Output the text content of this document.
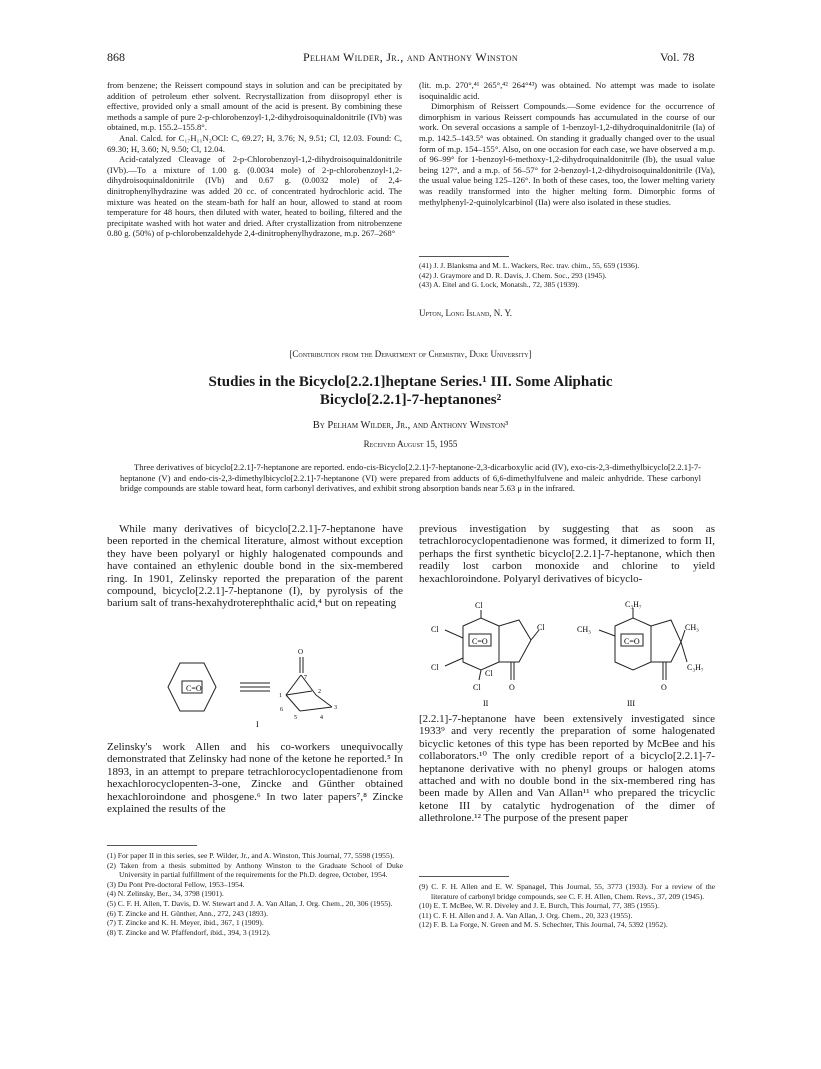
868	Pelham Wilder, Jr., and Anthony Winston	Vol. 78

from benzene; the Reissert compound stays in solution and can be precipitated by addition of petroleum ether solvent. Recrystallization from diisopropyl ether is effective, provided only a small amount of the acid is present. By combining these methods a sample of pure 2-p-chlorobenzoyl-1,2-dihydroisoquinaldonitrile (IVb) was obtained, m.p. 155.2–155.8°.

Anal. Calcd. for C₁₇H₁₁N₂OCl: C, 69.27; H, 3.76; N, 9.51; Cl, 12.03. Found: C, 69.30; H, 3.60; N, 9.50; Cl, 12.04.

Acid-catalyzed Cleavage of 2-p-Chlorobenzoyl-1,2-dihydroisoquinaldonitrile (IVb).—To a mixture of 1.00 g. (0.0034 mole) of 2-p-chlorobenzoyl-1,2-dihydroisoquinaldonitrile (IVb) and 0.67 g. (0.0032 mole) of 2,4-dinitrophenylhydrazine was added 20 cc. of concentrated hydrochloric acid. The mixture was heated on the steam-bath for half an hour, allowed to stand at room temperature for 48 hours, then diluted with water, heated to boiling, filtered and the precipitate washed with hot water and dried. After crystallization from nitrobenzene 0.80 g. (50%) of p-chlorobenzaldehyde 2,4-dinitrophenylhydrazone, m.p. 267–268°

(lit. m.p. 270°,⁴¹ 265°,⁴² 264°⁴³) was obtained. No attempt was made to isolate isoquinaldic acid.

Dimorphism of Reissert Compounds.—Some evidence for the occurrence of dimorphism in various Reissert compounds has accumulated in the course of our work. On several occasions a sample of 1-benzoyl-1,2-dihydroquinaldonitrile (Ia) of m.p. 142.5–143.5° was obtained. On standing it gradually changed over to the usual form of m.p. 154–155°. Also, on one occasion for each case, we have observed a m.p. of 96–99° for 1-benzoyl-6-methoxy-1,2-dihydroquinaldonitrile (Ib), the usual value being 127°, and a m.p. of 56–57° for 2-benzoyl-1,2-dihydroisoquinaldonitrile (IVa), the usual value being 125–126°. In both of these cases, too, the lower melting variety was readily transformed into the higher melting form. Dimorphic forms of methylphenyl-2-quinolylcarbinol (IIa) were also isolated in these studies.

(41) J. J. Blanksma and M. L. Wackers, Rec. trav. chim., 55, 659 (1936).

(42) J. Graymore and D. R. Davis, J. Chem. Soc., 293 (1945).

(43) A. Eitel and G. Lock, Monatsh., 72, 385 (1939).

Upton, Long Island, N. Y.
[Contribution from the Department of Chemistry, Duke University]
Studies in the Bicyclo[2.2.1]heptane Series.¹ III. Some Aliphatic
Bicyclo[2.2.1]-7-heptanones²
By Pelham Wilder, Jr., and Anthony Winston³
Received August 15, 1955

Three derivatives of bicyclo[2.2.1]-7-heptanone are reported. endo-cis-Bicyclo[2.2.1]-7-heptanone-2,3-dicarboxylic acid (IV), exo-cis-2,3-dimethylbicyclo[2.2.1]-7-heptanone (V) and endo-cis-2,3-dimethylbicyclo[2.2.1]-7-heptanone (VI) were prepared from adducts of 6,6-dimethylfulvene and maleic anhydride. These carbonyl bridge compounds are stable toward heat, form carbonyl derivatives, and exhibit strong absorption bands near 5.63 μ in the infrared.

While many derivatives of bicyclo[2.2.1]-7-heptanone have been reported in the chemical literature, almost without exception they have been polyaryl or highly halogenated compounds and have contained an ethylenic double bond in the six-membered ring. In 1901, Zelinsky reported the preparation of the parent compound, bicyclo[2.2.1]-7-heptanone (I), by pyrolysis of the barium salt of trans-hexahydroterephthalic acid,⁴ but on repeating

C=O
O
7
1
2
3
4
5
6
I

Zelinsky's work Allen and his co-workers unequivocally demonstrated that Zelinsky had none of the ketone he reported.⁵ In 1893, in an attempt to prepare tetrachlorocyclopentadienone from hexachlorocyclopenten-3-one, Zincke and Günther obtained hexachloroindone and phosgene.⁶ In two later papers⁷,⁸ Zincke explained the results of the

(1) For paper II in this series, see P. Wilder, Jr., and A. Winston, This Journal, 77, 5598 (1955).

(2) Taken from a thesis submitted by Anthony Winston to the Graduate School of Duke University in partial fulfillment of the requirements for the Ph.D. degree, October, 1954.

(3) Du Pont Pre-doctoral Fellow, 1953–1954.

(4) N. Zelinsky, Ber., 34, 3798 (1901).

(5) C. F. H. Allen, T. Davis, D. W. Stewart and J. A. Van Allan, J. Org. Chem., 20, 306 (1955).

(6) T. Zincke and H. Günther, Ann., 272, 243 (1893).

(7) T. Zincke and K. H. Meyer, ibid., 367, 1 (1909).

(8) T. Zincke and W. Pfaffendorf, ibid., 394, 3 (1912).

previous investigation by suggesting that as soon as tetrachlorocyclopentadienone was formed, it dimerized to form II, perhaps the first synthetic bicyclo[2.2.1]-7-heptanone, which then readily lost carbon monoxide and chlorine to yield hexachloroindone. Polyaryl derivatives of bicyclo-

Cl
Cl	Cl
Cl
Cl
Cl	O
C=O
II
C₃H₇
CH₃	CH₃
C₃H₇
O
C=O
III

[2.2.1]-7-heptanone have been extensively investigated since 1933⁹ and very recently the preparation of some halogenated bicyclic ketones of this type has been reported by McBee and his collaborators.¹⁰ The only credible report of a bicyclo[2.2.1]-7-heptanone derivative with no phenyl groups or halogen atoms attached and with no double bond in the six-membered ring has been made by Allen and Van Allan¹¹ who prepared the tricyclic ketone III by catalytic hydrogenation of the dimer of allethrolone.¹² The purpose of the present paper

(9) C. F. H. Allen and E. W. Spanagel, This Journal, 55, 3773 (1933). For a review of the literature of carbonyl bridge compounds, see C. F. H. Allen, Chem. Revs., 37, 209 (1945).

(10) E. T. McBee, W. R. Diveley and J. E. Burch, This Journal, 77, 385 (1955).

(11) C. F. H. Allen and J. A. Van Allan, J. Org. Chem., 20, 323 (1955).

(12) F. B. La Forge, N. Green and M. S. Schechter, This Journal, 74, 5392 (1952).
